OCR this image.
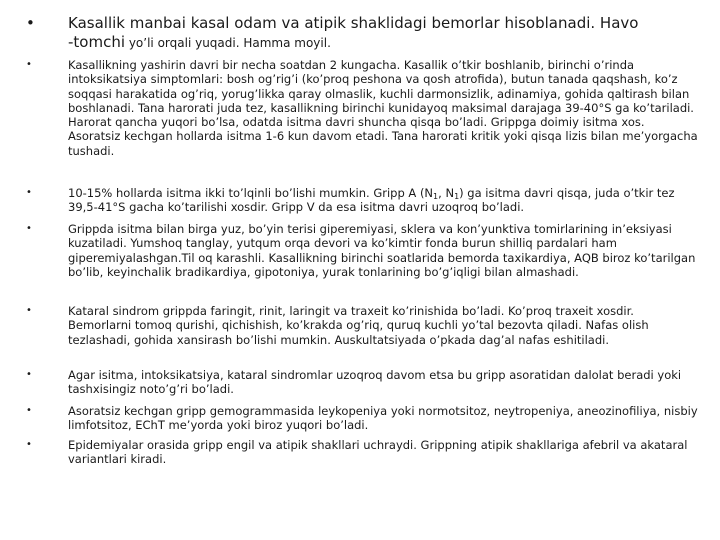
• Kasallik manbai kasal odam va atipik shaklidagi bemorlar hisoblanadi. Havo
-tomchi yo’li orqali yuqadi. Hamma moyil.
•	Kasallikning yashirin davri bir necha soatdan 2 kungacha. Kasallik o’tkir boshlanib, birinchi o’rinda intoksikatsiya simptomlari: bosh og’rig’i (ko’proq peshona va qosh atrofida), butun tanada qaqshash, ko’z soqqasi harakatida og’riq, yorug’likka qaray olmaslik, kuchli darmonsizlik, adinamiya, gohida qaltirash bilan boshlanadi. Tana harorati juda tez, kasallikning birinchi kunidayoq maksimal darajaga 39-40°S ga ko’tariladi. Harorat qancha yuqori bo’lsa, odatda isitma davri shuncha qisqa bo’ladi. Grippga doimiy isitma xos. Asoratsiz kechgan hollarda isitma 1-6 kun davom etadi. Tana harorati kritik yoki qisqa lizis bilan me’yorgacha tushadi.
•	10-15% hollarda isitma ikki to’lqinli bo’lishi mumkin. Gripp A ($N_1$, $N_1$) ga isitma davri qisqa, juda o’tkir tez 39,5-41°S gacha ko’tarilishi xosdir. Gripp V da esa isitma davri uzoqroq bo’ladi.
•	Grippda isitma bilan birga yuz, bo’yin terisi giperemiyasi, sklera va kon’yunktiva tomirlarining in’eksiyasi kuzatiladi. Yumshoq tanglay, yutqum orqa devori va ko’kimtir fonda burun shilliq pardalari ham giperemiyalashgan.Til oq karashli. Kasallikning birinchi soatlarida bemorda taxikardiya, AQB biroz ko’tarilgan bo’lib, keyinchalik bradikardiya, gipotoniya, yurak tonlarining bo’g’iqligi bilan almashadi.
•	Kataral sindrom grippda faringit, rinit, laringit va traxeit ko’rinishida bo’ladi. Ko’proq traxeit xosdir. Bemorlarni tomoq qurishi, qichishish, ko’krakda og’riq, quruq kuchli yo’tal bezovta qiladi. Nafas olish tezlashadi, gohida xansirash bo’lishi mumkin. Auskultatsiyada o’pkada dag’al nafas eshitiladi.
•	Agar isitma, intoksikatsiya, kataral sindromlar uzoqroq davom etsa bu gripp asoratidan dalolat beradi yoki tashxisingiz noto’g’ri bo’ladi.
•	Asoratsiz kechgan gripp gemogrammasida leykopeniya yoki normotsitoz, neytropeniya, aneozinofiliya, nisbiy limfotsitoz, EChT me’yorda yoki biroz yuqori bo’ladi.
•	Epidemiyalar orasida gripp engil va atipik shakllari uchraydi. Grippning atipik shakllariga afebril va akataral variantlari kiradi.
